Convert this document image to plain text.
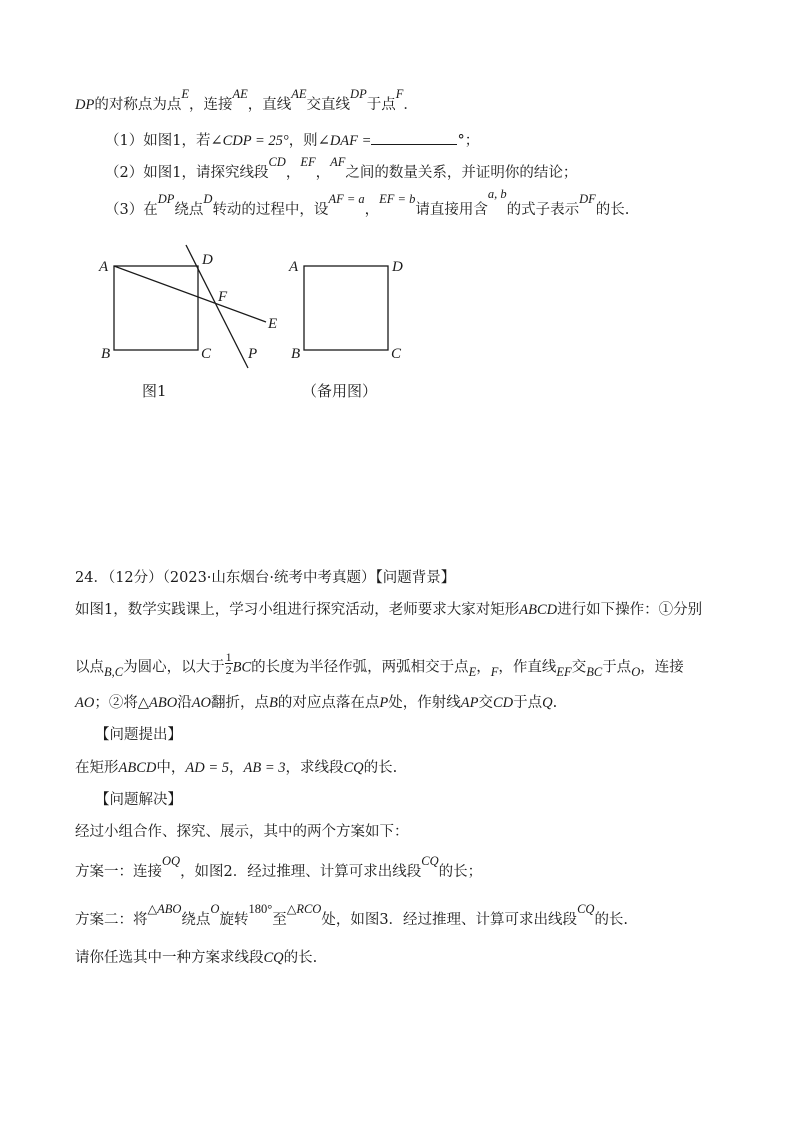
DP的对称点为点E，连接AE，直线AE交直线DP于点F．
（1）如图1，若∠CDP = 25°，则∠DAF =	°；
（2）如图1，请探究线段CD，EF，AF之间的数量关系，并证明你的结论；
（3）在DP绕点D转动的过程中，设AF = a，EF = b请直接用含a, b的式子表示DF的长.
A
B	C
D
F
E
P
图1
A	D
B	C
（备用图）
24．（12分）（2023·山东烟台·统考中考真题）【问题背景】
如图1，数学实践课上，学习小组进行探究活动，老师要求大家对矩形ABCD进行如下操作：①分别
以点B,C为圆心，以大于 $\frac{1}{2}$ BC的长度为半径作弧，两弧相交于点E，F，作直线EF交BC于点O，连接
AO；②将△ABO沿AO翻折，点B的对应点落在点P处，作射线AP交CD于点Q.
【问题提出】
在矩形ABCD中，AD = 5，AB = 3，求线段CQ的长.
【问题解决】
经过小组合作、探究、展示，其中的两个方案如下：
方案一：连接OQ，如图2．经过推理、计算可求出线段CQ的长；
方案二：将△ABO绕点O旋转180°至△RCO处，如图3．经过推理、计算可求出线段CQ的长.
请你任选其中一种方案求线段CQ的长.
